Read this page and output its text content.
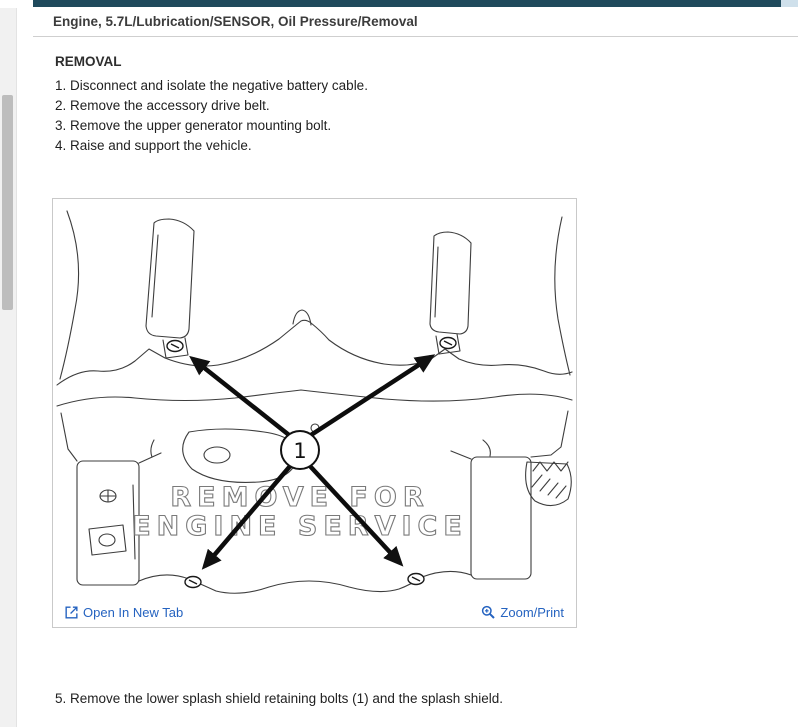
Engine, 5.7L/Lubrication/SENSOR, Oil Pressure/Removal
REMOVAL
1. Disconnect and isolate the negative battery cable.
2. Remove the accessory drive belt.
3. Remove the upper generator mounting bolt.
4. Raise and support the vehicle.
REMOVE FOR
ENGINE SERVICE
1
Open In New Tab	Zoom/Print
5. Remove the lower splash shield retaining bolts (1) and the splash shield.
